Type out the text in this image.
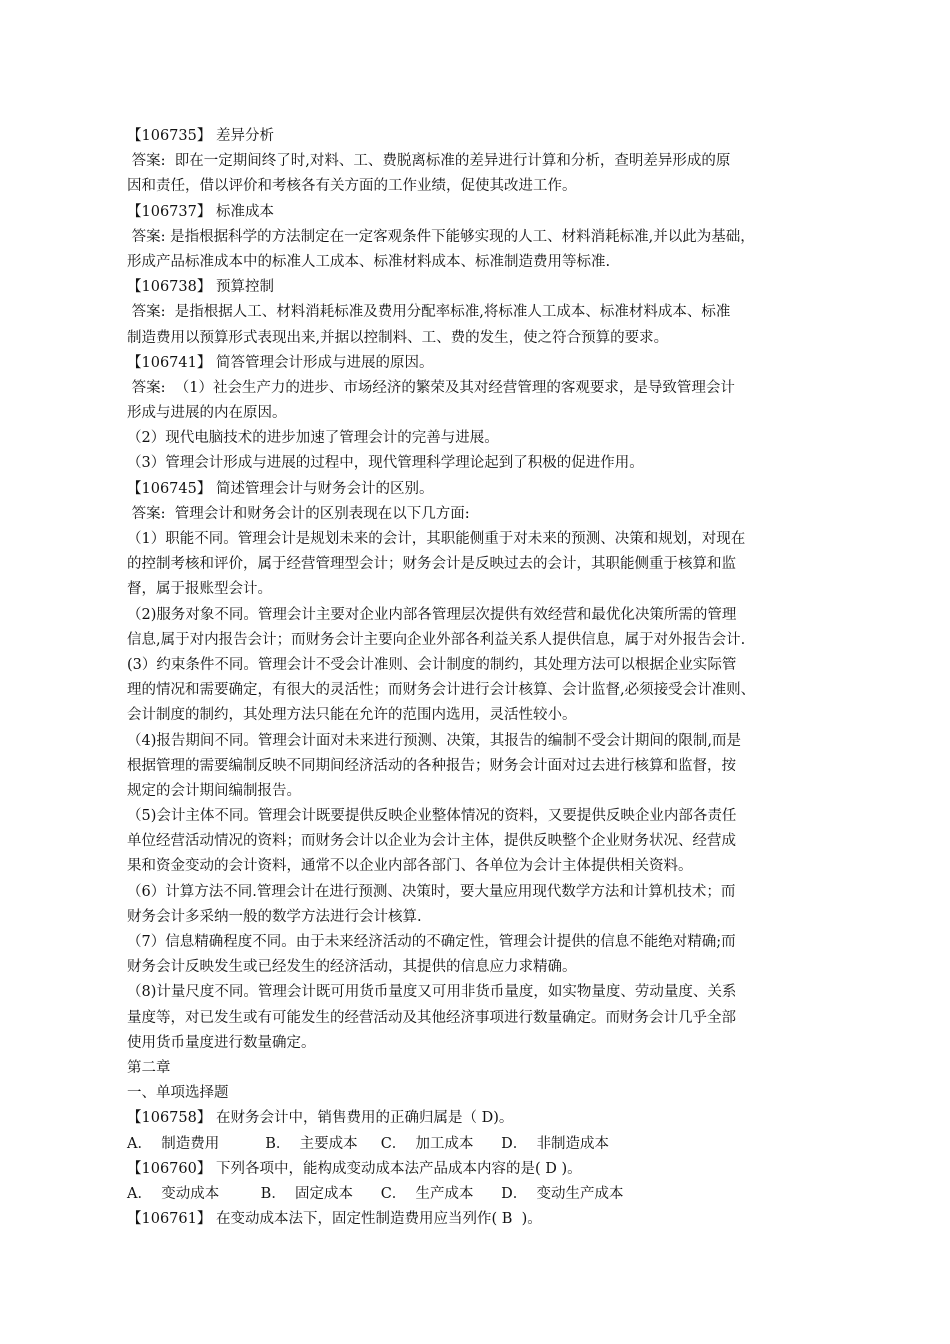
【106735】 差异分析

答案:  即在一定期间终了时,对料、工、费脱离标准的差异进行计算和分析，查明差异形成的原

因和责任，借以评价和考核各有关方面的工作业绩，促使其改进工作。

【106737】 标准成本

答案: 是指根据科学的方法制定在一定客观条件下能够实现的人工、材料消耗标准,并以此为基础，

形成产品标准成本中的标准人工成本、标准材料成本、标准制造费用等标准.

【106738】 预算控制

答案:  是指根据人工、材料消耗标准及费用分配率标准,将标准人工成本、标准材料成本、标准

制造费用以预算形式表现出来,并据以控制料、工、费的发生，使之符合预算的要求。

【106741】 简答管理会计形成与进展的原因。

答案:  （1）社会生产力的进步、市场经济的繁荣及其对经营管理的客观要求，是导致管理会计

形成与进展的内在原因。

（2）现代电脑技术的进步加速了管理会计的完善与进展。

（3）管理会计形成与进展的过程中，现代管理科学理论起到了积极的促进作用。

【106745】 简述管理会计与财务会计的区别。

答案:  管理会计和财务会计的区别表现在以下几方面:

（1）职能不同。管理会计是规划未来的会计，其职能侧重于对未来的预测、决策和规划，对现在

的控制考核和评价，属于经营管理型会计；财务会计是反映过去的会计，其职能侧重于核算和监

督，属于报账型会计。

（2)服务对象不同。管理会计主要对企业内部各管理层次提供有效经营和最优化决策所需的管理

信息,属于对内报告会计；而财务会计主要向企业外部各利益关系人提供信息，属于对外报告会计.

(3）约束条件不同。管理会计不受会计准则、会计制度的制约，其处理方法可以根据企业实际管

理的情况和需要确定，有很大的灵活性；而财务会计进行会计核算、会计监督,必须接受会计准则、

会计制度的制约，其处理方法只能在允许的范围内选用，灵活性较小。

（4)报告期间不同。管理会计面对未来进行预测、决策，其报告的编制不受会计期间的限制,而是

根据管理的需要编制反映不同期间经济活动的各种报告；财务会计面对过去进行核算和监督，按

规定的会计期间编制报告。

（5)会计主体不同。管理会计既要提供反映企业整体情况的资料，又要提供反映企业内部各责任

单位经营活动情况的资料；而财务会计以企业为会计主体，提供反映整个企业财务状况、经营成

果和资金变动的会计资料，通常不以企业内部各部门、各单位为会计主体提供相关资料。

（6）计算方法不同.管理会计在进行预测、决策时，要大量应用现代数学方法和计算机技术；而

财务会计多采纳一般的数学方法进行会计核算.

（7）信息精确程度不同。由于未来经济活动的不确定性，管理会计提供的信息不能绝对精确;而

财务会计反映发生或已经发生的经济活动，其提供的信息应力求精确。

（8)计量尺度不同。管理会计既可用货币量度又可用非货币量度，如实物量度、劳动量度、关系

量度等，对已发生或有可能发生的经营活动及其他经济事项进行数量确定。而财务会计几乎全部

使用货币量度进行数量确定。

第二章

一、单项选择题

【106758】 在财务会计中，销售费用的正确归属是（ D)。

A．  制造费用          B．  主要成本     C．  加工成本      D．  非制造成本

【106760】 下列各项中，能构成变动成本法产品成本内容的是( D )。

A．  变动成本         B．  固定成本      C．  生产成本      D．  变动生产成本

【106761】 在变动成本法下，固定性制造费用应当列作( B  )。
